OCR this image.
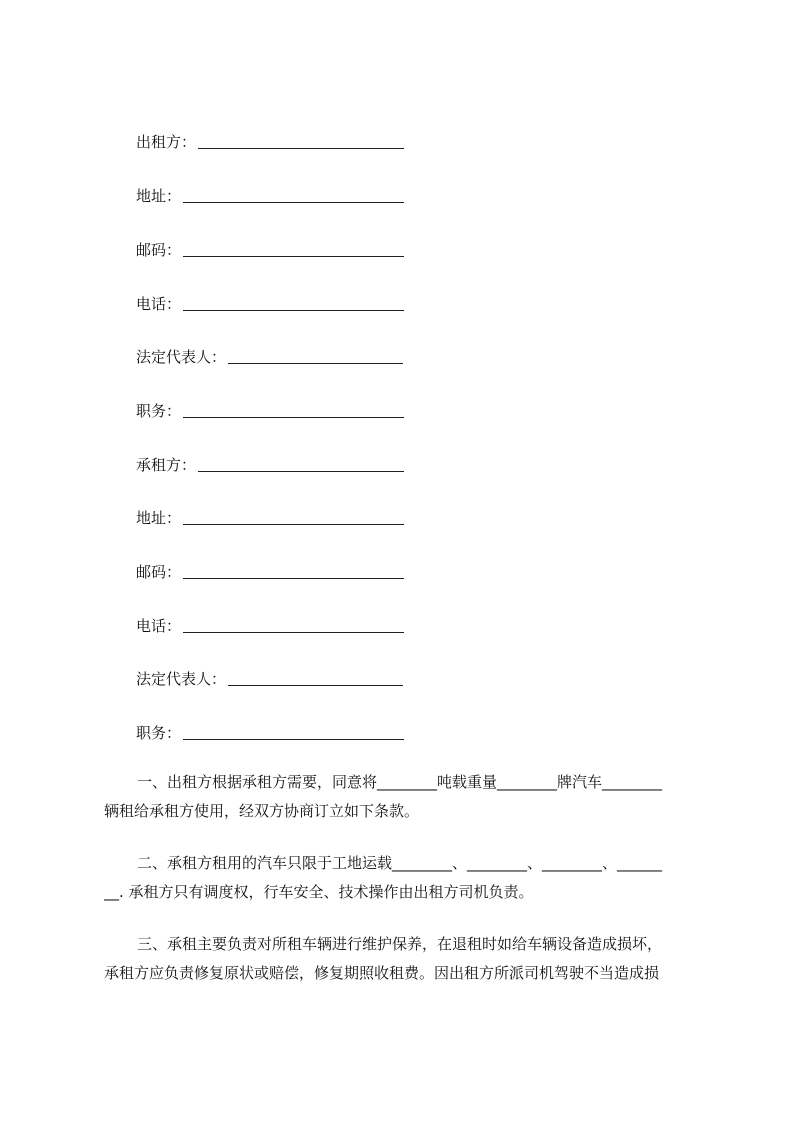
出租方：
地址：
邮码：
电话：
法定代表人：
职务：
承租方：
地址：
邮码：
电话：
法定代表人：
职务：
一、出租方根据承租方需要，同意将________吨载重量________牌汽车________
辆租给承租方使用，经双方协商订立如下条款。
二、承租方租用的汽车只限于工地运载________、________、________、______
__. 承租方只有调度权，行车安全、技术操作由出租方司机负责。
三、承租主要负责对所租车辆进行维护保养，在退租时如给车辆设备造成损坏，
承租方应负责修复原状或赔偿，修复期照收租费。因出租方所派司机驾驶不当造成损
